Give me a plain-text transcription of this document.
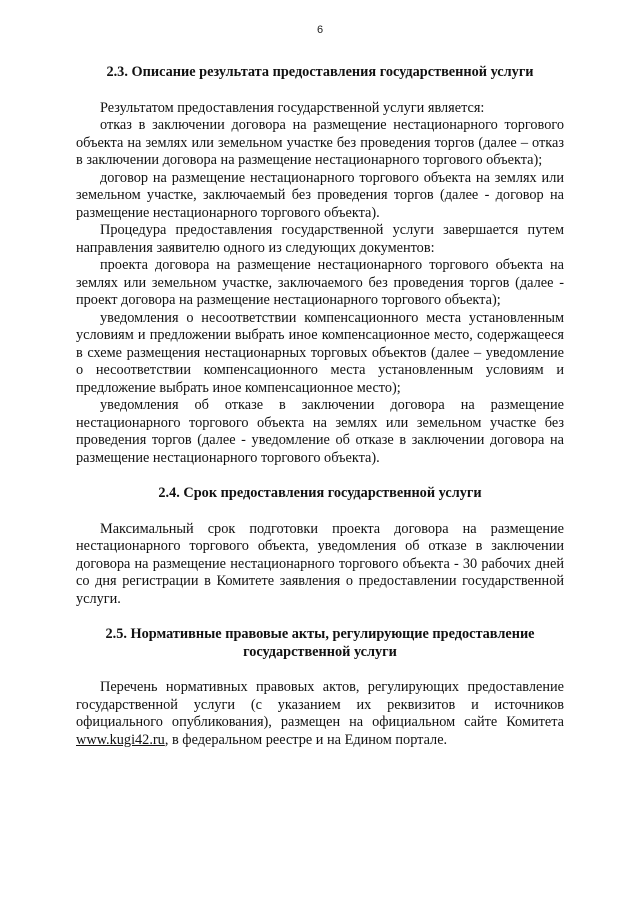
6
2.3. Описание результата предоставления государственной услуги

Результатом предоставления государственной услуги является:

отказ в заключении договора на размещение нестационарного торгового объекта на землях или земельном участке без проведения торгов (далее – отказ в заключении договора на размещение нестационарного торгового объекта);

договор на размещение нестационарного торгового объекта на землях или земельном участке, заключаемый без проведения торгов (далее - договор на размещение нестационарного торгового объекта).

Процедура предоставления государственной услуги завершается путем направления заявителю одного из следующих документов:

проекта договора на размещение нестационарного торгового объекта на землях или земельном участке, заключаемого без проведения торгов (далее - проект договора на размещение нестационарного торгового объекта);

уведомления о несоответствии компенсационного места установленным условиям и предложении выбрать иное компенсационное место, содержащееся в схеме размещения нестационарных торговых объектов (далее – уведомление о несоответствии компенсационного места установленным условиям и предложение выбрать иное компенсационное место);

уведомления об отказе в заключении договора на размещение нестационарного торгового объекта на землях или земельном участке без проведения торгов (далее - уведомление об отказе в заключении договора на размещение нестационарного торгового объекта).

2.4. Срок предоставления государственной услуги

Максимальный срок подготовки проекта договора на размещение нестационарного торгового объекта, уведомления об отказе в заключении договора на размещение нестационарного торгового объекта - 30 рабочих дней со дня регистрации в Комитете заявления о предоставлении государственной услуги.

2.5. Нормативные правовые акты, регулирующие предоставление
государственной услуги

Перечень нормативных правовых актов, регулирующих предоставление государственной услуги (с указанием их реквизитов и источников официального опубликования), размещен на официальном сайте Комитета www.kugi42.ru, в федеральном реестре и на Едином портале.
